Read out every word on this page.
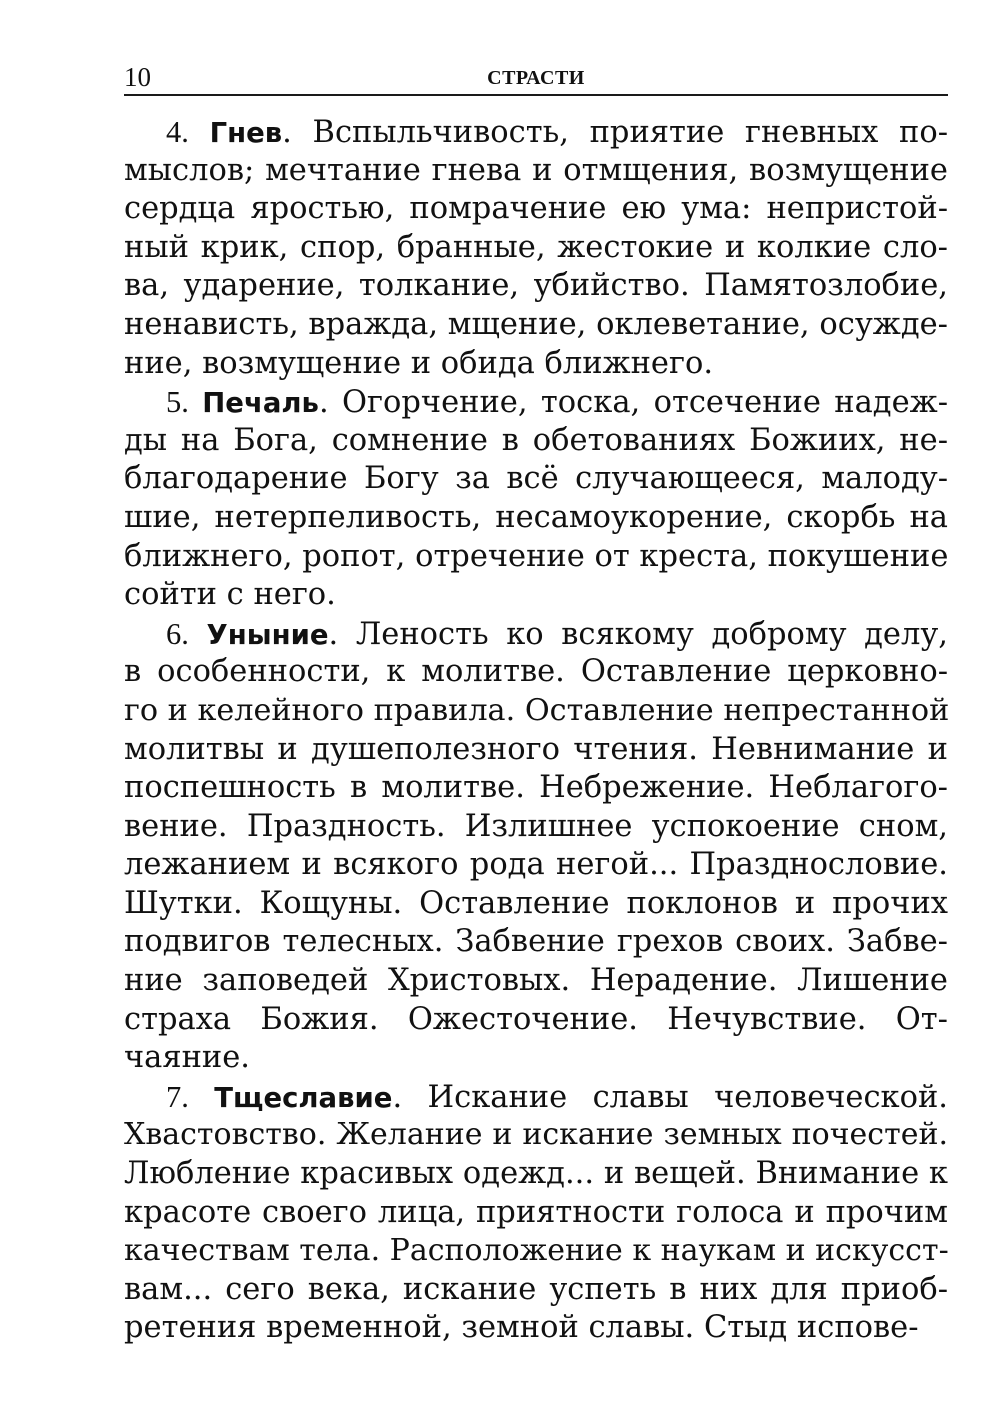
10	СТРАСТИ
4. Гнев. Вспыльчивость, приятие гневных по-
мыслов; мечтание гнева и отмщения, возмущение
сердца яростью, помрачение ею ума: непристой-
ный крик, спор, бранные, жестокие и колкие сло-
ва, ударение, толкание, убийство. Памятозлобие,
ненависть, вражда, мщение, оклеветание, осужде-
ние, возмущение и обида ближнего.
5. Печаль. Огорчение, тоска, отсечение надеж-
ды на Бога, сомнение в обетованиях Божиих, не-
благодарение Богу за всё случающееся, малоду-
шие, нетерпеливость, несамоукорение, скорбь на
ближнего, ропот, отречение от креста, покушение
сойти с него.
6. Уныние. Леность ко всякому доброму делу,
в особенности, к молитве. Оставление церковно-
го и келейного правила. Оставление непрестанной
молитвы и душеполезного чтения. Невнимание и
поспешность в молитве. Небрежение. Неблагого-
вение. Праздность. Излишнее успокоение сном,
лежанием и всякого рода негой... Празднословие.
Шутки. Кощуны. Оставление поклонов и прочих
подвигов телесных. Забвение грехов своих. Забве-
ние заповедей Христовых. Нерадение. Лишение
страха Божия. Ожесточение. Нечувствие. От-
чаяние.
7. Тщеславие. Искание славы человеческой.
Хвастовство. Желание и искание земных почестей.
Любление красивых одежд... и вещей. Внимание к
красоте своего лица, приятности голоса и прочим
качествам тела. Расположение к наукам и искусст-
вам... сего века, искание успеть в них для приоб-
ретения временной, земной славы. Стыд испове-
